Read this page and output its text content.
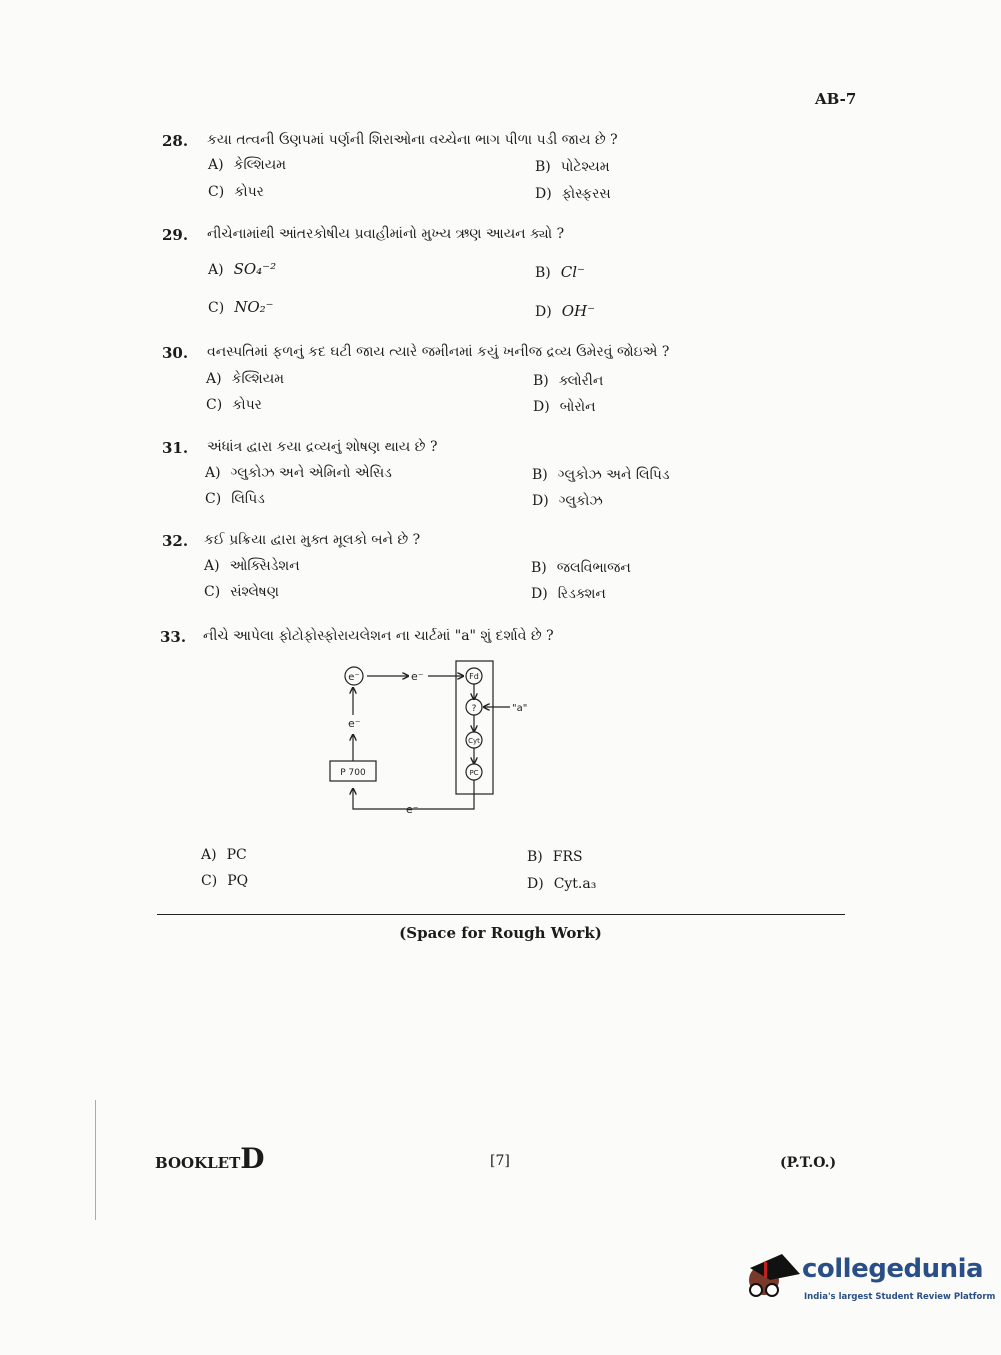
AB-7
28. કયા તત્વની ઉણપમાં પર્ણની શિરાઓના વચ્ચેના ભાગ પીળા પડી જાય છે ?
A) કેલ્શિયમ	B) પોટેશ્યમ
C) કોપર	D) ફોસ્ફરસ
29. નીચેનામાંથી આંતરકોષીય પ્રવાહીમાંનો મુખ્ય ઋણ આયન ક્યો ?
A) SO₄⁻²	B) Cl⁻
C) NO₂⁻	D) OH⁻
30. વનસ્પતિમાં ફળનું કદ ઘટી જાય ત્યારે જમીનમાં કયું ખનીજ દ્રવ્ય ઉમેરવું જોઇએ ?
A) કેલ્શિયમ	B) ક્લોરીન
C) કોપર	D) બોરોન
31. અંધાંત્ર દ્વારા કયા દ્રવ્યનું શોષણ થાય છે ?
A) ગ્લુકોઝ અને એમિનો એસિડ	B) ગ્લુકોઝ અને લિપિડ
C) લિપિડ	D) ગ્લુકોઝ
32. કઈ પ્રક્રિયા દ્વારા મુક્ત મૂલકો બને છે ?
A) ઓક્સિડેશન	B) જલવિભાજન
C) સંશ્લેષણ	D) રિડક્શન
33. નીચે આપેલા ફોટોફોસ્ફોરાયલેશન ના ચાર્ટમાં "a" શું દર્શાવે છે ?
e⁻	e⁻	Fd
?	"a"
Cyt
PC
e⁻
P 700
e⁻
A) PC	B) FRS
C) PQ	D) Cyt.a₃
(Space for Rough Work)
BOOKLETD	[7]	(P.T.O.)
collegedunia
India's largest Student Review Platform
